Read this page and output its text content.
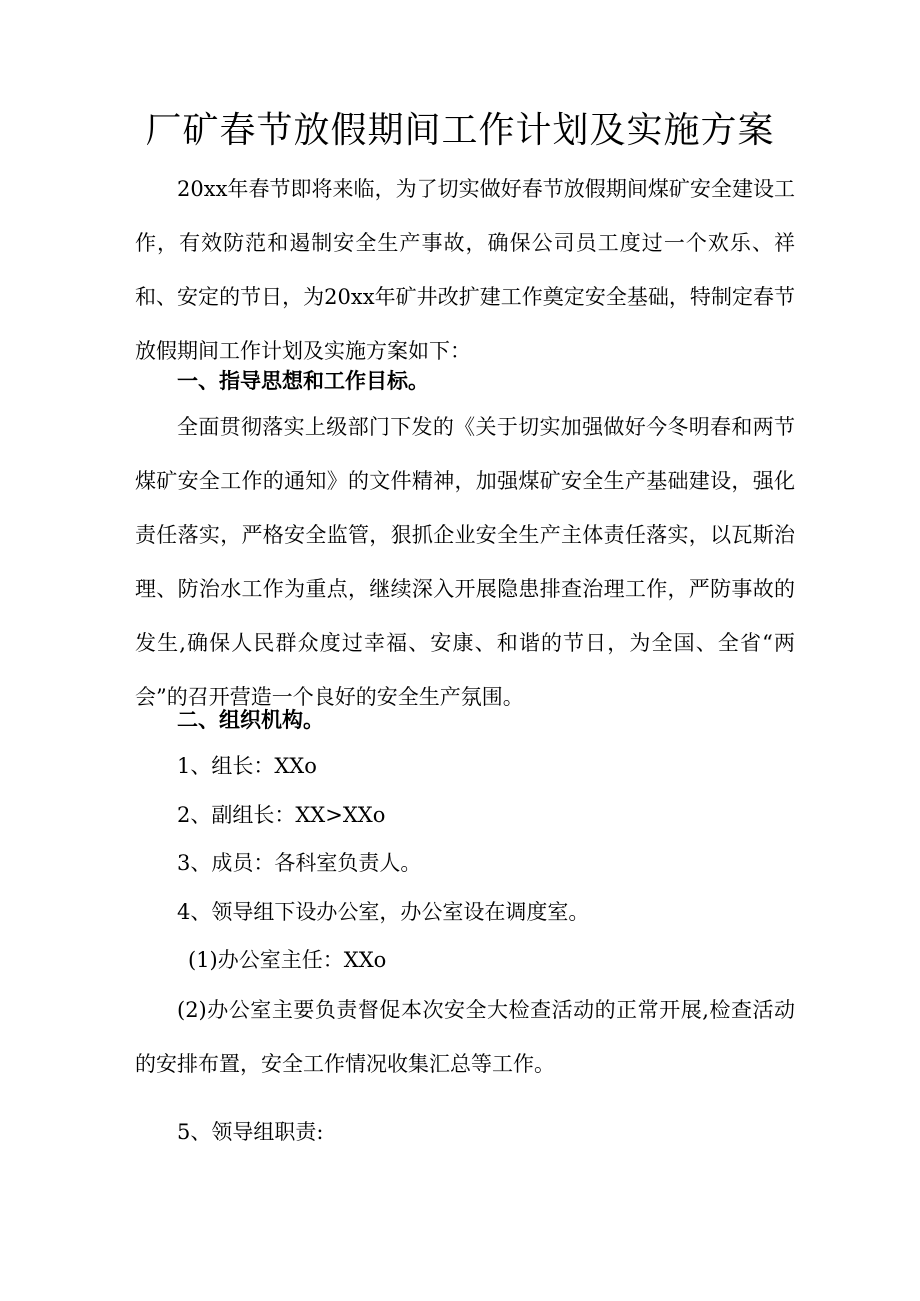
厂矿春节放假期间工作计划及实施方案
20xx年春节即将来临，为了切实做好春节放假期间煤矿安全建设工作，有效防范和遏制安全生产事故，确保公司员工度过一个欢乐、祥和、安定的节日，为20xx年矿井改扩建工作奠定安全基础，特制定春节放假期间工作计划及实施方案如下：
一、指导思想和工作目标。
全面贯彻落实上级部门下发的《关于切实加强做好今冬明春和两节煤矿安全工作的通知》的文件精神，加强煤矿安全生产基础建设，强化责任落实，严格安全监管，狠抓企业安全生产主体责任落实，以瓦斯治理、防治水工作为重点，继续深入开展隐患排查治理工作，严防事故的发生,确保人民群众度过幸福、安康、和谐的节日，为全国、全省“两会”的召开营造一个良好的安全生产氛围。
二、组织机构。
1、组长：XXo
2、副组长：XX>XXo
3、成员：各科室负责人。
4、领导组下设办公室，办公室设在调度室。
(1)办公室主任：XXo
(2)办公室主要负责督促本次安全大检查活动的正常开展,检查活动的安排布置，安全工作情况收集汇总等工作。
5、领导组职责:
